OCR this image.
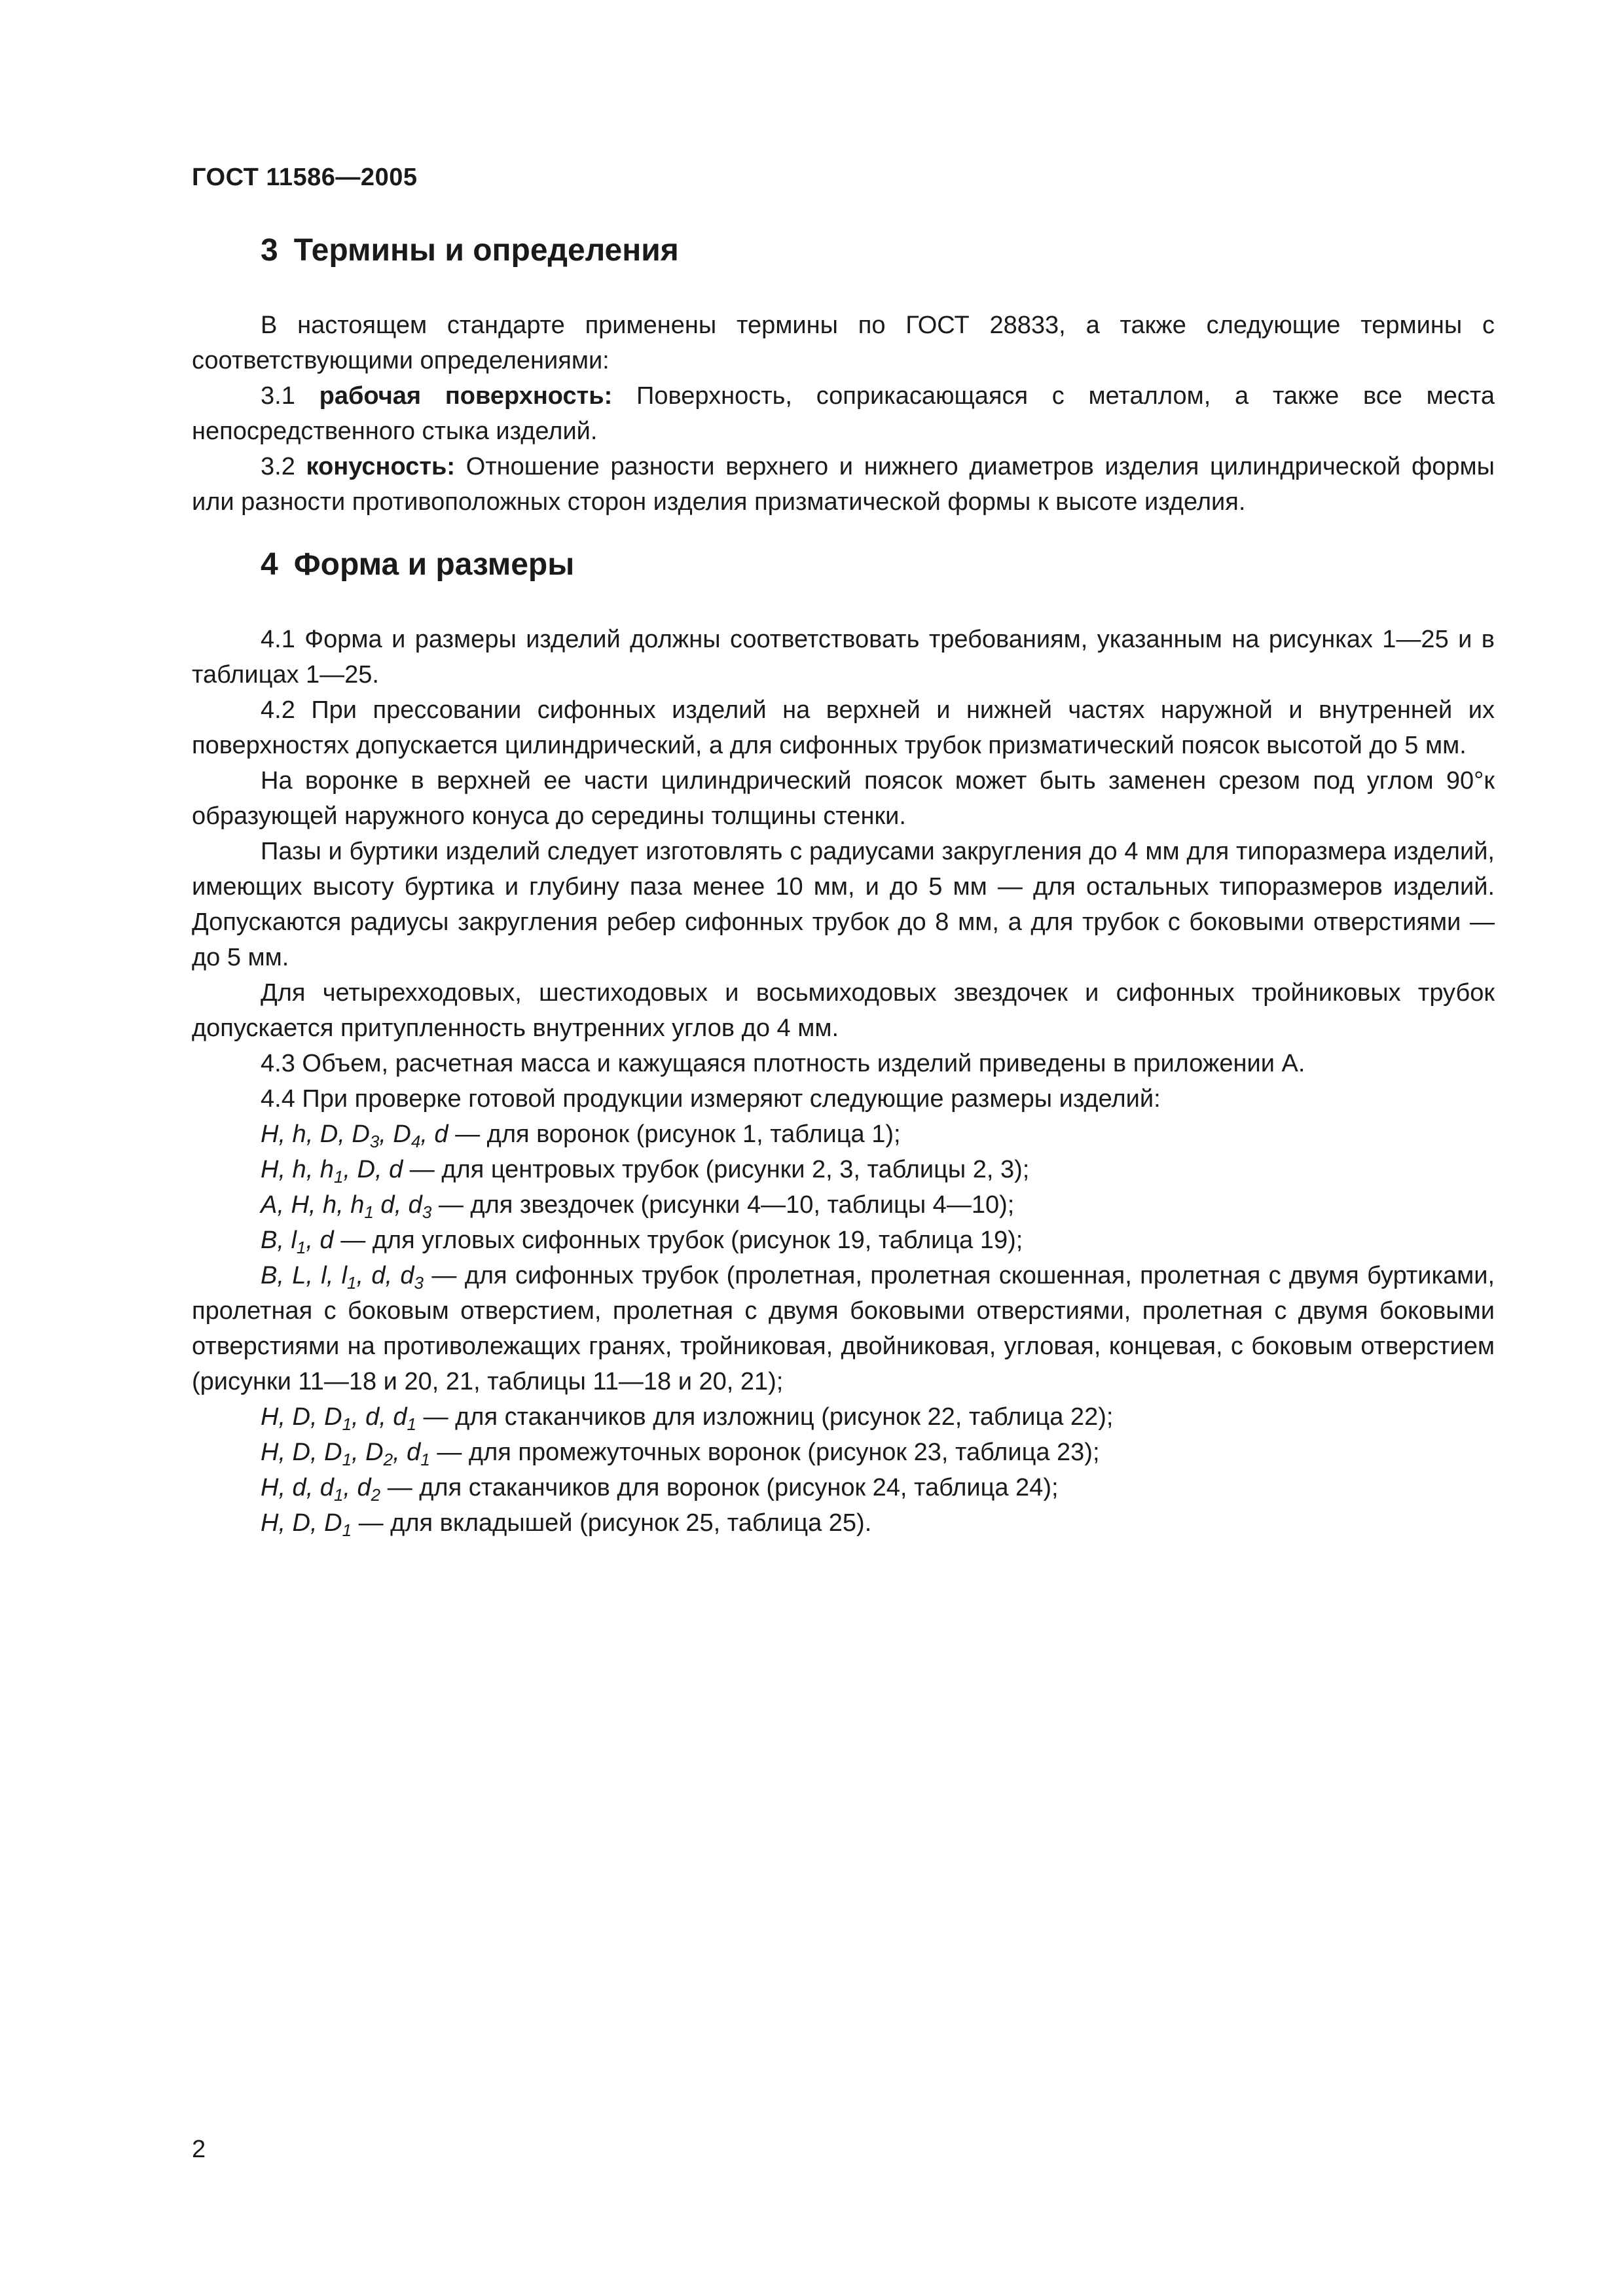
ГОСТ 11586—2005
3 Термины и определения

В настоящем стандарте применены термины по ГОСТ 28833, а также следующие термины с соответствующими определениями:

3.1 рабочая поверхность: Поверхность, соприкасающаяся с металлом, а также все места непосредственного стыка изделий.

3.2 конусность: Отношение разности верхнего и нижнего диаметров изделия цилиндрической формы или разности противоположных сторон изделия призматической формы к высоте изделия.

4 Форма и размеры

4.1 Форма и размеры изделий должны соответствовать требованиям, указанным на рисунках 1—25 и в таблицах 1—25.

4.2 При прессовании сифонных изделий на верхней и нижней частях наружной и внутренней их поверхностях допускается цилиндрический, а для сифонных трубок призматический поясок высотой до 5 мм.

На воронке в верхней ее части цилиндрический поясок может быть заменен срезом под углом 90°к образующей наружного конуса до середины толщины стенки.

Пазы и буртики изделий следует изготовлять с радиусами закругления до 4 мм для типоразмера изделий, имеющих высоту буртика и глубину паза менее 10 мм, и до 5 мм — для остальных типоразмеров изделий. Допускаются радиусы закругления ребер сифонных трубок до 8 мм, а для трубок с боковыми отверстиями — до 5 мм.

Для четырехходовых, шестиходовых и восьмиходовых звездочек и сифонных тройниковых трубок допускается притупленность внутренних углов до 4 мм.

4.3 Объем, расчетная масса и кажущаяся плотность изделий приведены в приложении А.

4.4 При проверке готовой продукции измеряют следующие размеры изделий:

H, h, D, $D_3$, $D_4$, d — для воронок (рисунок 1, таблица 1);

H, h, $h_1$, D, d — для центровых трубок (рисунки 2, 3, таблицы 2, 3);

A, H, h, $h_1$ d, $d_3$ — для звездочек (рисунки 4—10, таблицы 4—10);

B, $l_1$, d — для угловых сифонных трубок (рисунок 19, таблица 19);

B, L, l, $l_1$, d, $d_3$ — для сифонных трубок (пролетная, пролетная скошенная, пролетная с двумя буртиками, пролетная с боковым отверстием, пролетная с двумя боковыми отверстиями, пролетная с двумя боковыми отверстиями на противолежащих гранях, тройниковая, двойниковая, угловая, концевая, с боковым отверстием (рисунки 11—18 и 20, 21, таблицы 11—18 и 20, 21);

H, D, $D_1$, d, $d_1$ — для стаканчиков для изложниц (рисунок 22, таблица 22);

H, D, $D_1$, $D_2$, $d_1$ — для промежуточных воронок (рисунок 23, таблица 23);

H, d, $d_1$, $d_2$ — для стаканчиков для воронок (рисунок 24, таблица 24);

H, D, $D_1$ — для вкладышей (рисунок 25, таблица 25).

2
